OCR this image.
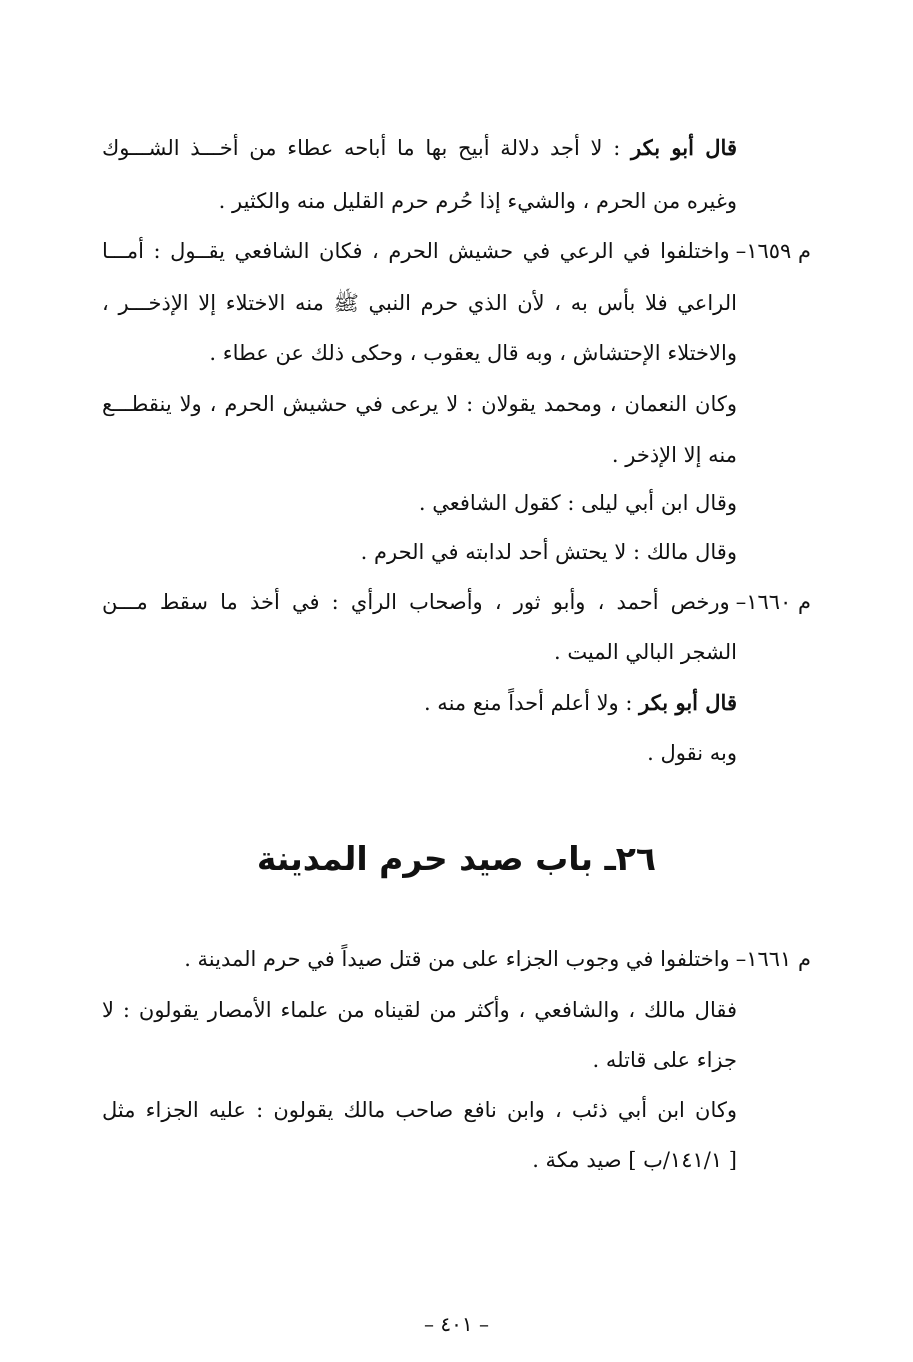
قال أبو بكر : لا أجد دلالة أبيح بها ما أباحه عطاء من أخـــذ الشـــوك
وغيره من الحرم ، والشيء إذا حُرم حرم القليل منه والكثير .
م ١٦٥٩–واختلفوا في الرعي في حشيش الحرم ، فكان الشافعي يقــول : أمـــا
الراعي فلا بأس به ، لأن الذي حرم النبي ﷺ منه الاختلاء إلا الإذخـــر ،
والاختلاء الإحتشاش ، وبه قال يعقوب ، وحكى ذلك عن عطاء .
وكان النعمان ، ومحمد يقولان : لا يرعى في حشيش الحرم ، ولا ينقطـــع
منه إلا الإذخر .
وقال ابن أبي ليلى : كقول الشافعي .
وقال مالك : لا يحتش أحد لدابته في الحرم .
م ١٦٦٠–ورخص أحمد ، وأبو ثور ، وأصحاب الرأي : في أخذ ما سقط مـــن
الشجر البالي الميت .
قال أبو بكر : ولا أعلم أحداً منع منه .
وبه نقول .
٢٦ـ باب صيد حرم المدينة
م ١٦٦١–واختلفوا في وجوب الجزاء على من قتل صيداً في حرم المدينة .
فقال مالك ، والشافعي ، وأكثر من لقيناه من علماء الأمصار يقولون : لا
جزاء على قاتله .
وكان ابن أبي ذئب ، وابن نافع صاحب مالك يقولون : عليه الجزاء مثل
[ ١٤١/١/ب ] صيد مكة .
– ٤٠١ –
